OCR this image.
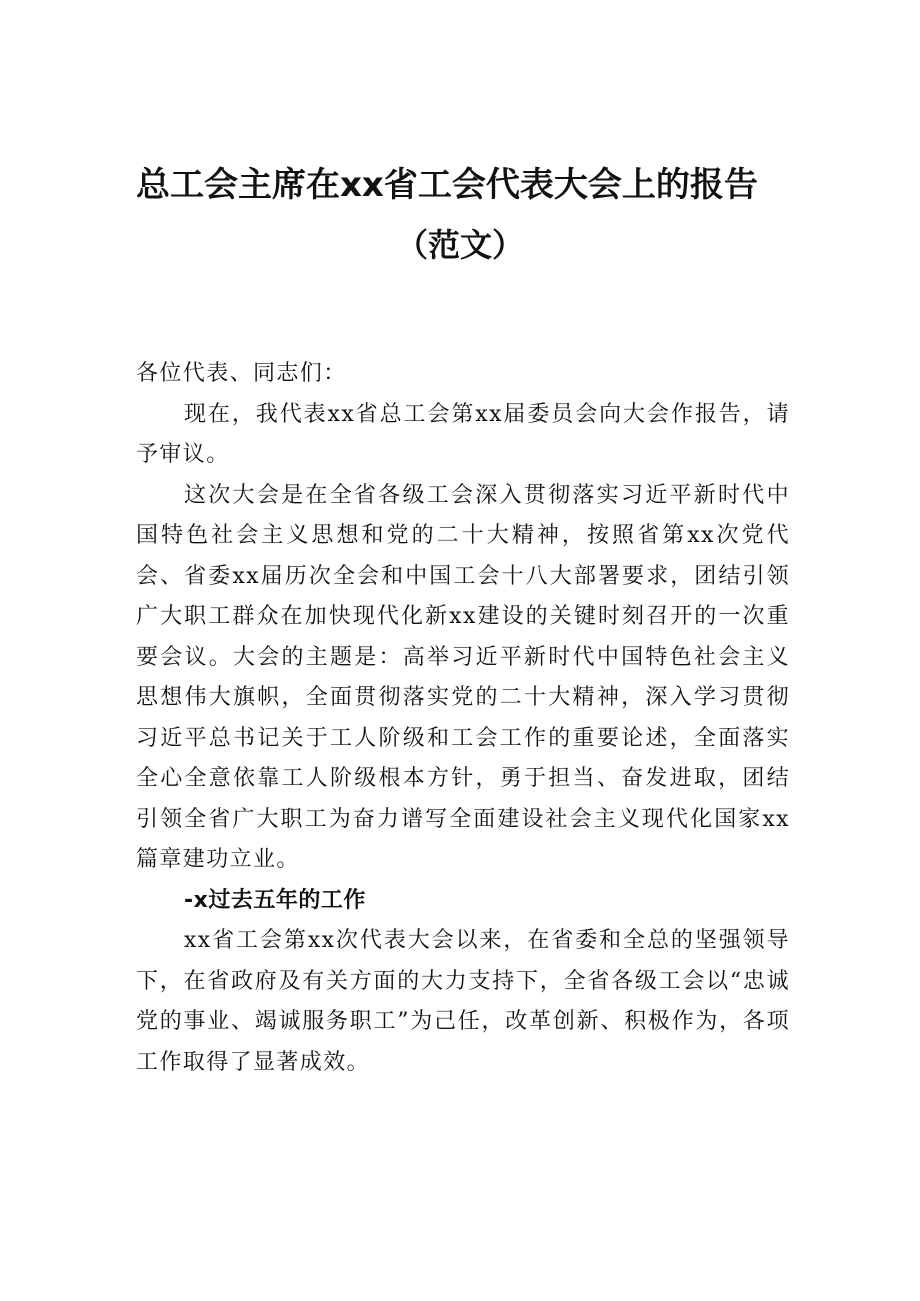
总工会主席在xx省工会代表大会上的报告
（范文）

各位代表、同志们：

现在，我代表xx省总工会第xx届委员会向大会作报告，请予审议。

这次大会是在全省各级工会深入贯彻落实习近平新时代中国特色社会主义思想和党的二十大精神，按照省第xx次党代会、省委xx届历次全会和中国工会十八大部署要求，团结引领广大职工群众在加快现代化新xx建设的关键时刻召开的一次重要会议。大会的主题是：高举习近平新时代中国特色社会主义思想伟大旗帜，全面贯彻落实党的二十大精神，深入学习贯彻习近平总书记关于工人阶级和工会工作的重要论述，全面落实全心全意依靠工人阶级根本方针，勇于担当、奋发进取，团结引领全省广大职工为奋力谱写全面建设社会主义现代化国家xx篇章建功立业。

-x过去五年的工作

xx省工会第xx次代表大会以来，在省委和全总的坚强领导下，在省政府及有关方面的大力支持下，全省各级工会以“忠诚党的事业、竭诚服务职工”为己任，改革创新、积极作为，各项工作取得了显著成效。
